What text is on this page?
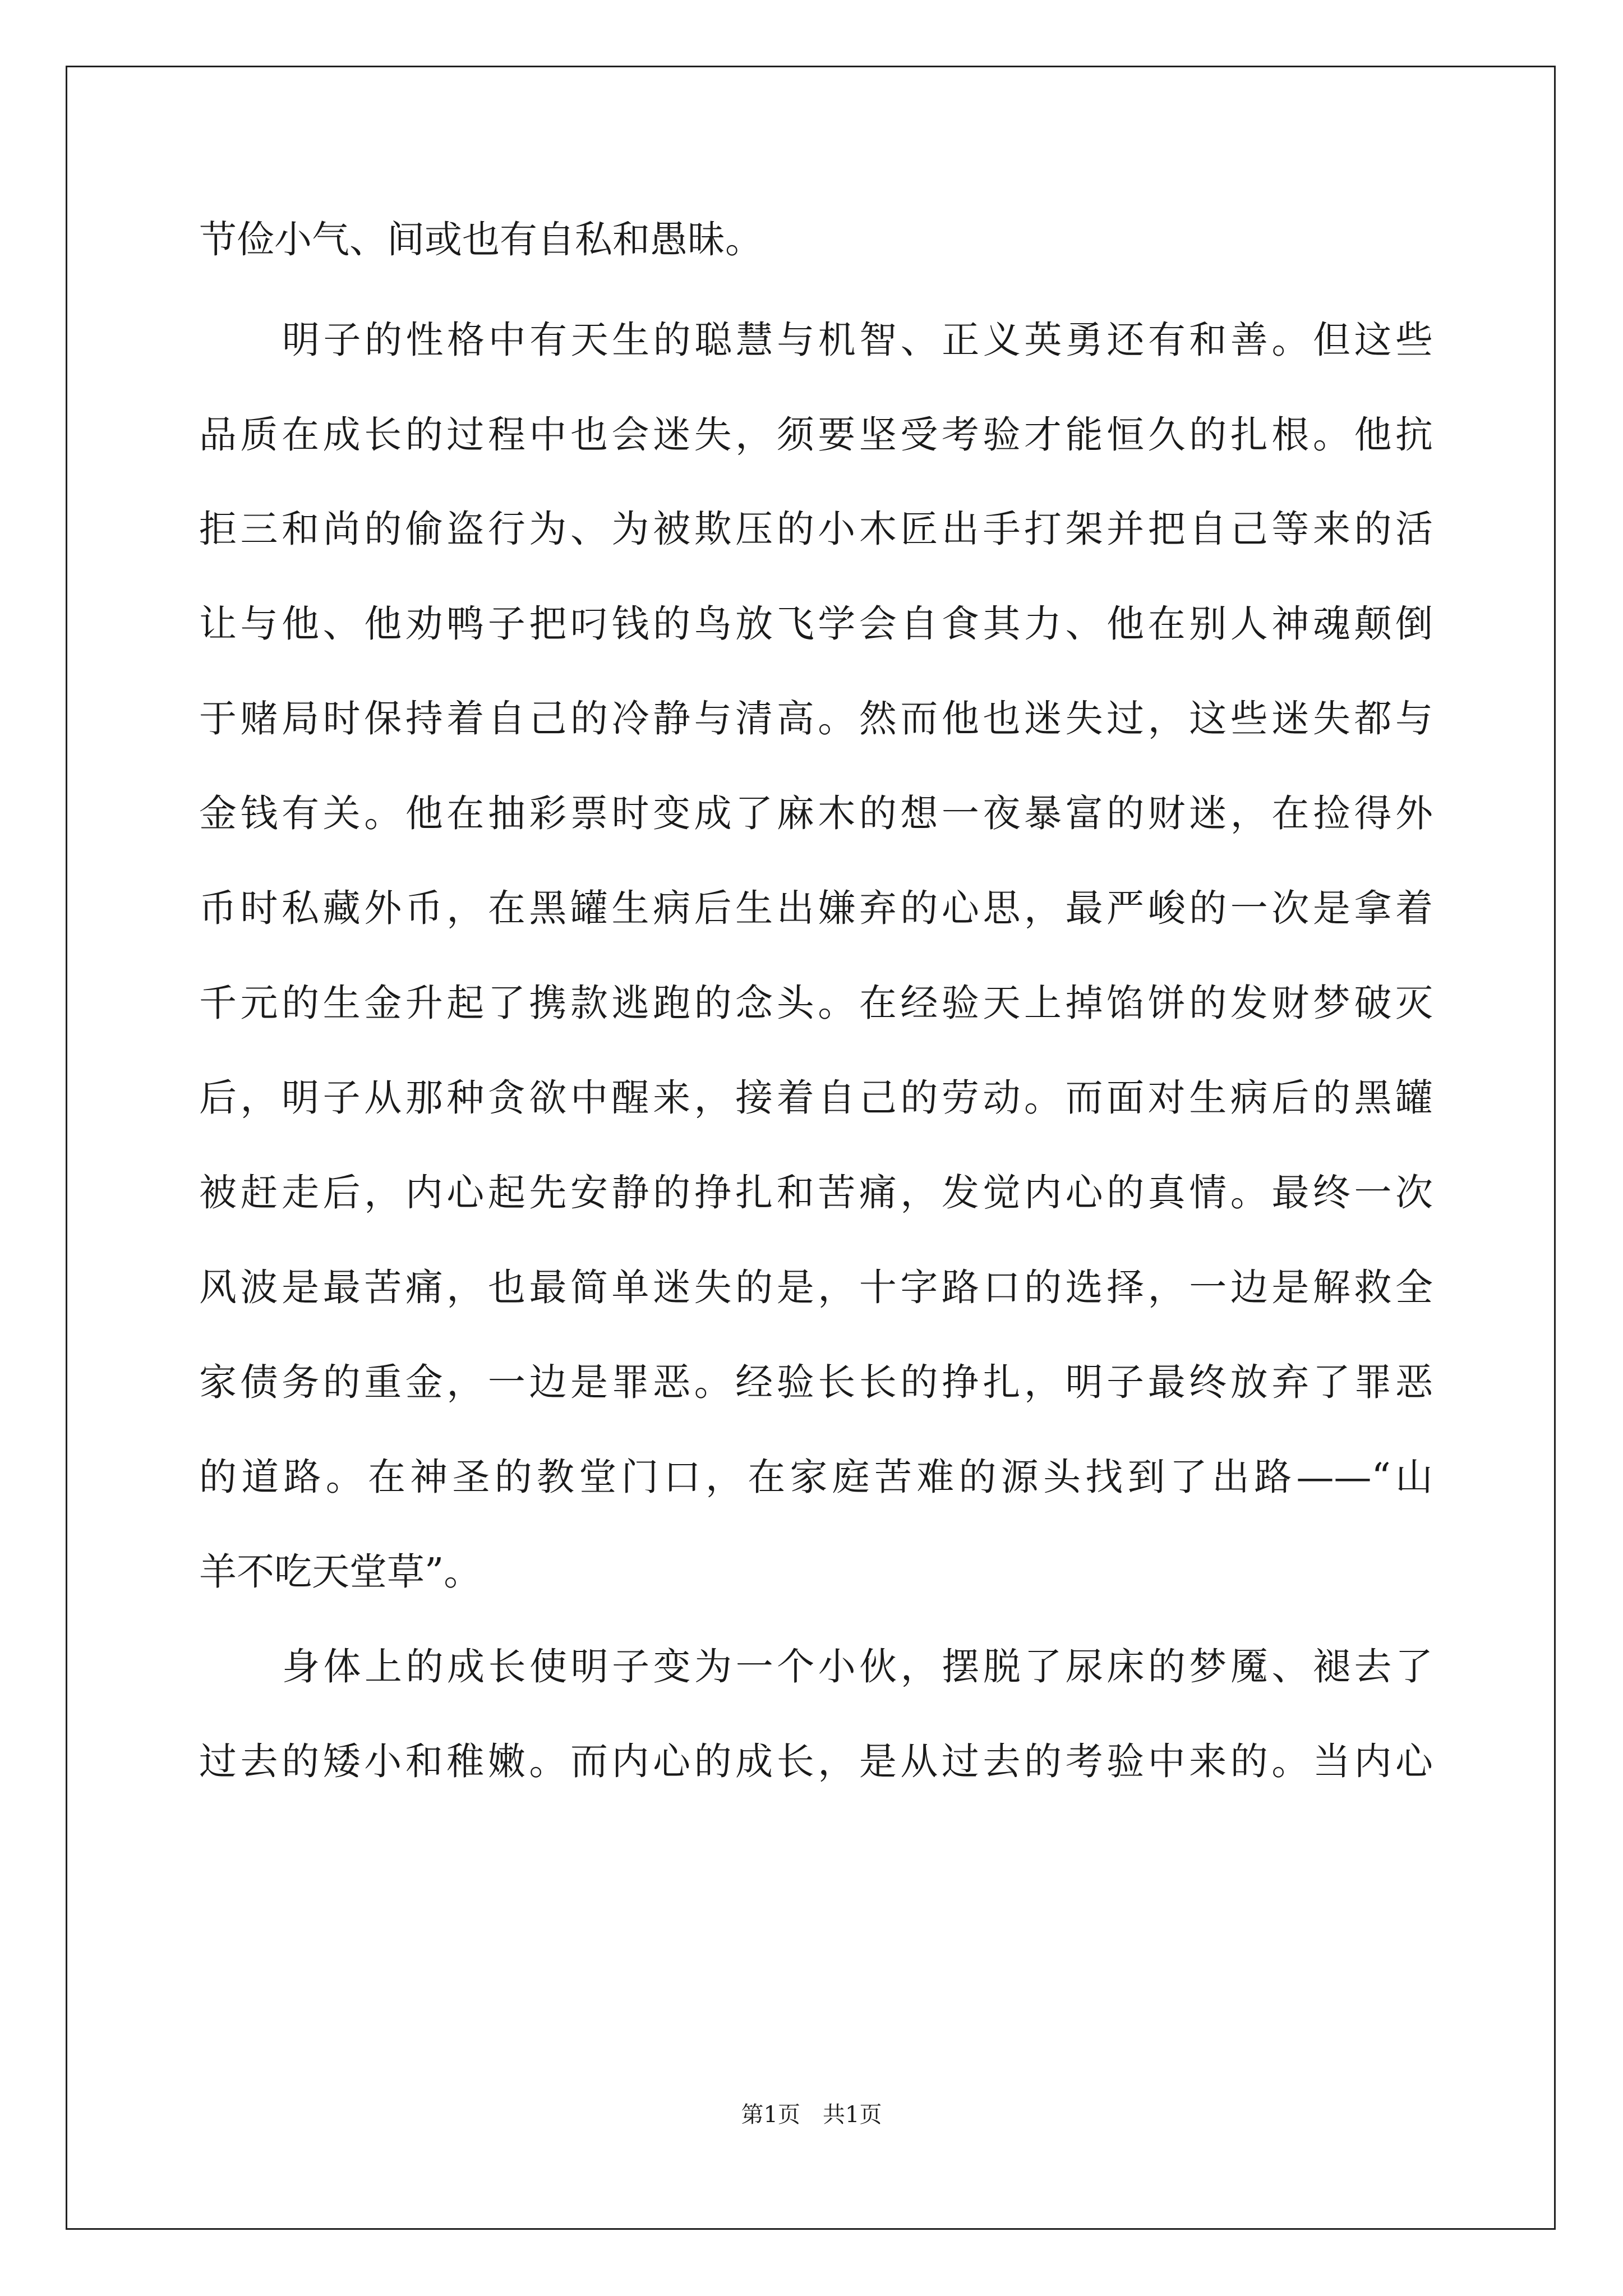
节俭小气、间或也有自私和愚昧。

明子的性格中有天生的聪慧与机智、正义英勇还有和善。但这些

品质在成长的过程中也会迷失，须要坚受考验才能恒久的扎根。他抗

拒三和尚的偷盗行为、为被欺压的小木匠出手打架并把自己等来的活

让与他、他劝鸭子把叼钱的鸟放飞学会自食其力、他在别人神魂颠倒

于赌局时保持着自己的冷静与清高。然而他也迷失过，这些迷失都与

金钱有关。他在抽彩票时变成了麻木的想一夜暴富的财迷，在捡得外

币时私藏外币，在黑罐生病后生出嫌弃的心思，最严峻的一次是拿着

千元的生金升起了携款逃跑的念头。在经验天上掉馅饼的发财梦破灭

后，明子从那种贪欲中醒来，接着自己的劳动。而面对生病后的黑罐

被赶走后，内心起先安静的挣扎和苦痛，发觉内心的真情。最终一次

风波是最苦痛，也最简单迷失的是，十字路口的选择，一边是解救全

家债务的重金，一边是罪恶。经验长长的挣扎，明子最终放弃了罪恶

的道路。在神圣的教堂门口，在家庭苦难的源头找到了出路——“山

羊不吃天堂草”。

身体上的成长使明子变为一个小伙，摆脱了尿床的梦魇、褪去了

过去的矮小和稚嫩。而内心的成长，是从过去的考验中来的。当内心

第1页　共1页
